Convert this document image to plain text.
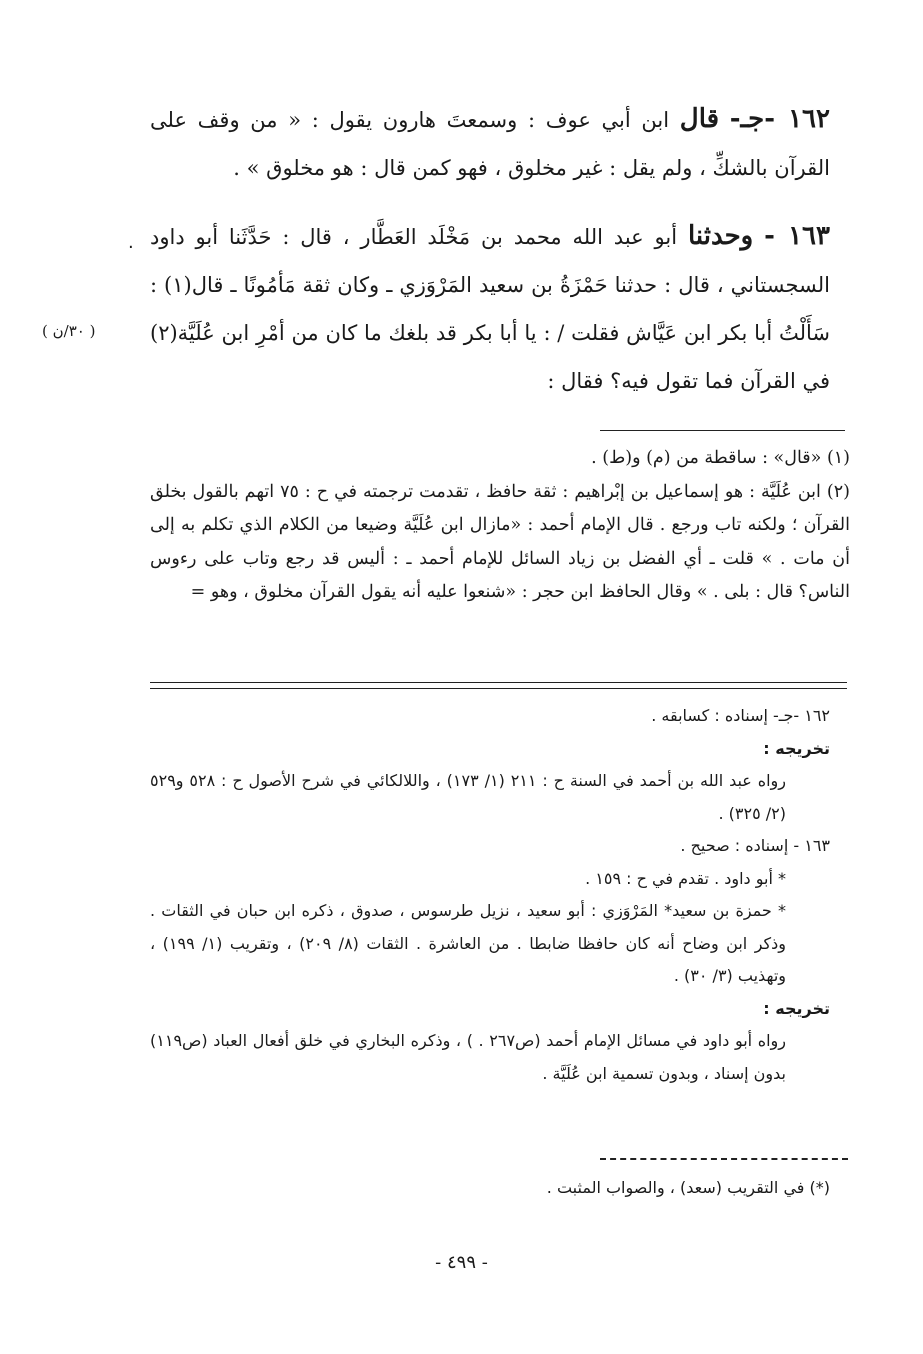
١٦٢ -جـ- قال ابن أبي عوف : وسمعتَ هارون يقول : « من وقف على القرآن بالشكِّ ، ولم يقل : غير مخلوق ، فهو كمن قال : هو مخلوق » .

١٦٣ - وحدثنا أبو عبد الله محمد بن مَخْلَد العَطَّار ، قال : حَدَّثَنا أبو داود السجستاني ، قال : حدثنا حَمْزَةُ بن سعيد المَرْوَزي ـ وكان ثقة مَأمُونًا ـ قال(١) : سَأَلْتُ أبا بكر ابن عَيَّاش فقلت / : يا أبا بكر قد بلغك ما كان من أمْرِ ابن عُلَيَّة(٢) في القرآن فما تقول فيه؟ فقال :

( ٣٠/ن )
.

(١) «قال» : ساقطة من (م) و(ط) .

(٢) ابن عُلَيَّة : هو إسماعيل بن إبْراهيم : ثقة حافظ ، تقدمت ترجمته في ح : ٧٥ اتهم بالقول بخلق القرآن ؛ ولكنه تاب ورجع . قال الإمام أحمد : «مازال ابن عُلَيَّة وضيعا من الكلام الذي تكلم به إلى أن مات . » قلت ـ أي الفضل بن زياد السائل للإمام أحمد ـ : أليس قد رجع وتاب على رءوس الناس؟ قال : بلى . » وقال الحافظ ابن حجر : «شنعوا عليه أنه يقول القرآن مخلوق ، وهو =

١٦٢ -جـ- إسناده : كسابقه .

تخريجه :

رواه عبد الله بن أحمد في السنة ح : ٢١١ (١/ ١٧٣) ، واللالكائي في شرح الأصول ح : ٥٢٨ و٥٢٩ (٢/ ٣٢٥) .

١٦٣ - إسناده : صحيح .

* أبو داود . تقدم في ح : ١٥٩ .

* حمزة بن سعيد* المَرْوَزي : أبو سعيد ، نزيل طرسوس ، صدوق ، ذكره ابن حبان في الثقات . وذكر ابن وضاح أنه كان حافظا ضابطا . من العاشرة . الثقات (٨/ ٢٠٩) ، وتقريب (١/ ١٩٩) ، وتهذيب (٣/ ٣٠) .

تخريجه :

رواه أبو داود في مسائل الإمام أحمد (ص٢٦٧ . ) ، وذكره البخاري في خلق أفعال العباد (ص١١٩) بدون إسناد ، وبدون تسمية ابن عُلَيَّة .

(*) في التقريب (سعد) ، والصواب المثبت .
- ٤٩٩ -
